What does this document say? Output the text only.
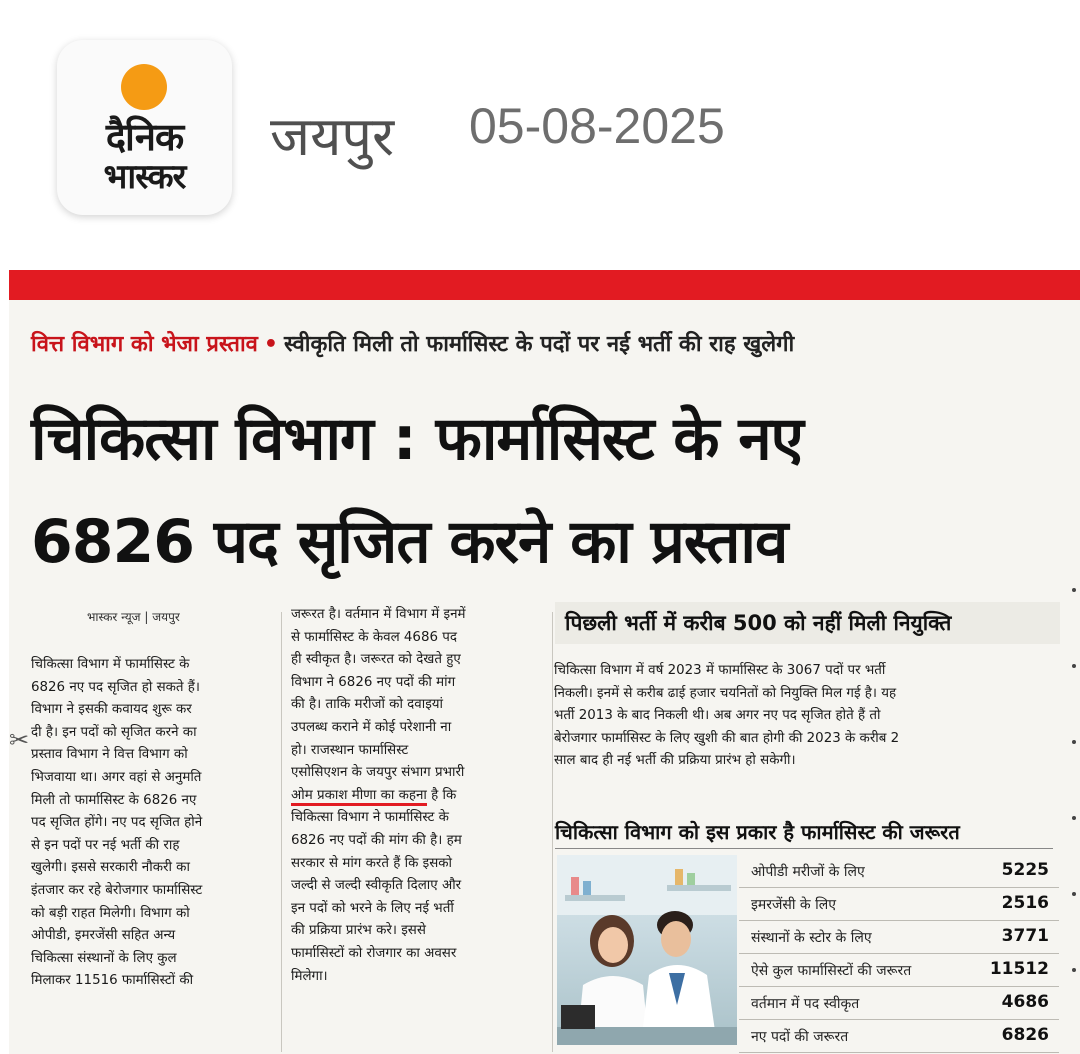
दैनिक
भास्कर
जयपुर 05-08-2025
वित्त विभाग को भेजा प्रस्ताव • स्वीकृति मिली तो फार्मासिस्ट के पदों पर नई भर्ती की राह खुलेगी
चिकित्सा विभाग : फार्मासिस्ट के नए
6826 पद सृजित करने का प्रस्ताव
भास्कर न्यूज | जयपुर
चिकित्सा विभाग में फार्मासिस्ट के
6826 नए पद सृजित हो सकते हैं।
विभाग ने इसकी कवायद शुरू कर
दी है। इन पदों को सृजित करने का
प्रस्ताव विभाग ने वित्त विभाग को
भिजवाया था। अगर वहां से अनुमति
मिली तो फार्मासिस्ट के 6826 नए
पद सृजित होंगे। नए पद सृजित होने
से इन पदों पर नई भर्ती की राह
खुलेगी। इससे सरकारी नौकरी का
इंतजार कर रहे बेरोजगार फार्मासिस्ट
को बड़ी राहत मिलेगी। विभाग को
ओपीडी, इमरजेंसी सहित अन्य
चिकित्सा संस्थानों के लिए कुल
मिलाकर 11516 फार्मासिस्टों की
जरूरत है। वर्तमान में विभाग में इनमें
से फार्मासिस्ट के केवल 4686 पद
ही स्वीकृत है। जरूरत को देखते हुए
विभाग ने 6826 नए पदों की मांग
की है। ताकि मरीजों को दवाइयां
उपलब्ध कराने में कोई परेशानी ना
हो। राजस्थान फार्मासिस्ट
एसोसिएशन के जयपुर संभाग प्रभारी
ओम प्रकाश मीणा का कहना है कि
चिकित्सा विभाग ने फार्मासिस्ट के
6826 नए पदों की मांग की है। हम
सरकार से मांग करते हैं कि इसको
जल्दी से जल्दी स्वीकृति दिलाए और
इन पदों को भरने के लिए नई भर्ती
की प्रक्रिया प्रारंभ करे। इससे
फार्मासिस्टों को रोजगार का अवसर
मिलेगा।
पिछली भर्ती में करीब 500 को नहीं मिली नियुक्ति
चिकित्सा विभाग में वर्ष 2023 में फार्मासिस्ट के 3067 पदों पर भर्ती
निकली। इनमें से करीब ढाई हजार चयनितों को नियुक्ति मिल गई है। यह
भर्ती 2013 के बाद निकली थी। अब अगर नए पद सृजित होते हैं तो
बेरोजगार फार्मासिस्ट के लिए खुशी की बात होगी की 2023 के करीब 2
साल बाद ही नई भर्ती की प्रक्रिया प्रारंभ हो सकेगी।
चिकित्सा विभाग को इस प्रकार है फार्मासिस्ट की जरूरत
ओपीडी मरीजों के लिए	5225
इमरजेंसी के लिए	2516
संस्थानों के स्टोर के लिए	3771
ऐसे कुल फार्मासिस्टों की जरूरत	11512
वर्तमान में पद स्वीकृत	4686
नए पदों की जरूरत	6826
✂
